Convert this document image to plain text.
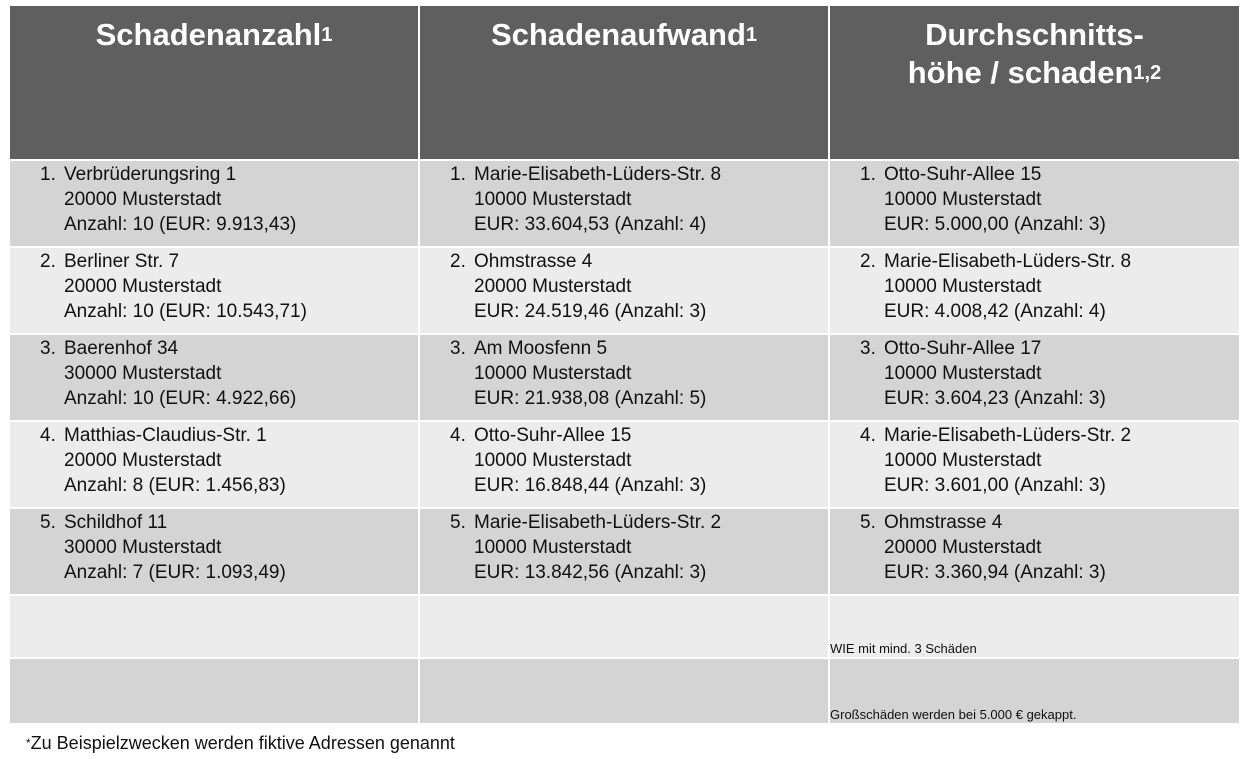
Schadenanzahl$^1$	Schadenaufwand$^1$	Durchschnitts-
höhe / schaden$^{1,2}$
1. Verbrüderungsring 1
20000 Musterstadt
Anzahl: 10 (EUR: 9.913,43)
1. Marie-Elisabeth-Lüders-Str. 8
10000 Musterstadt
EUR: 33.604,53 (Anzahl: 4)
1. Otto-Suhr-Allee 15
10000 Musterstadt
EUR: 5.000,00 (Anzahl: 3)
2. Berliner Str. 7
20000 Musterstadt
Anzahl: 10 (EUR: 10.543,71)
2. Ohmstrasse 4
20000 Musterstadt
EUR: 24.519,46 (Anzahl: 3)
2. Marie-Elisabeth-Lüders-Str. 8
10000 Musterstadt
EUR: 4.008,42 (Anzahl: 4)
3. Baerenhof 34
30000 Musterstadt
Anzahl: 10 (EUR: 4.922,66)
3. Am Moosfenn 5
10000 Musterstadt
EUR: 21.938,08 (Anzahl: 5)
3. Otto-Suhr-Allee 17
10000 Musterstadt
EUR: 3.604,23 (Anzahl: 3)
4. Matthias-Claudius-Str. 1
20000 Musterstadt
Anzahl: 8 (EUR: 1.456,83)
4. Otto-Suhr-Allee 15
10000 Musterstadt
EUR: 16.848,44 (Anzahl: 3)
4. Marie-Elisabeth-Lüders-Str. 2
10000 Musterstadt
EUR: 3.601,00 (Anzahl: 3)
5. Schildhof 11
30000 Musterstadt
Anzahl: 7 (EUR: 1.093,49)
5. Marie-Elisabeth-Lüders-Str. 2
10000 Musterstadt
EUR: 13.842,56 (Anzahl: 3)
5. Ohmstrasse 4
20000 Musterstadt
EUR: 3.360,94 (Anzahl: 3)
WIE mit mind. 3 Schäden
Großschäden werden bei 5.000 € gekappt.
*Zu Beispielzwecken werden fiktive Adressen genannt
